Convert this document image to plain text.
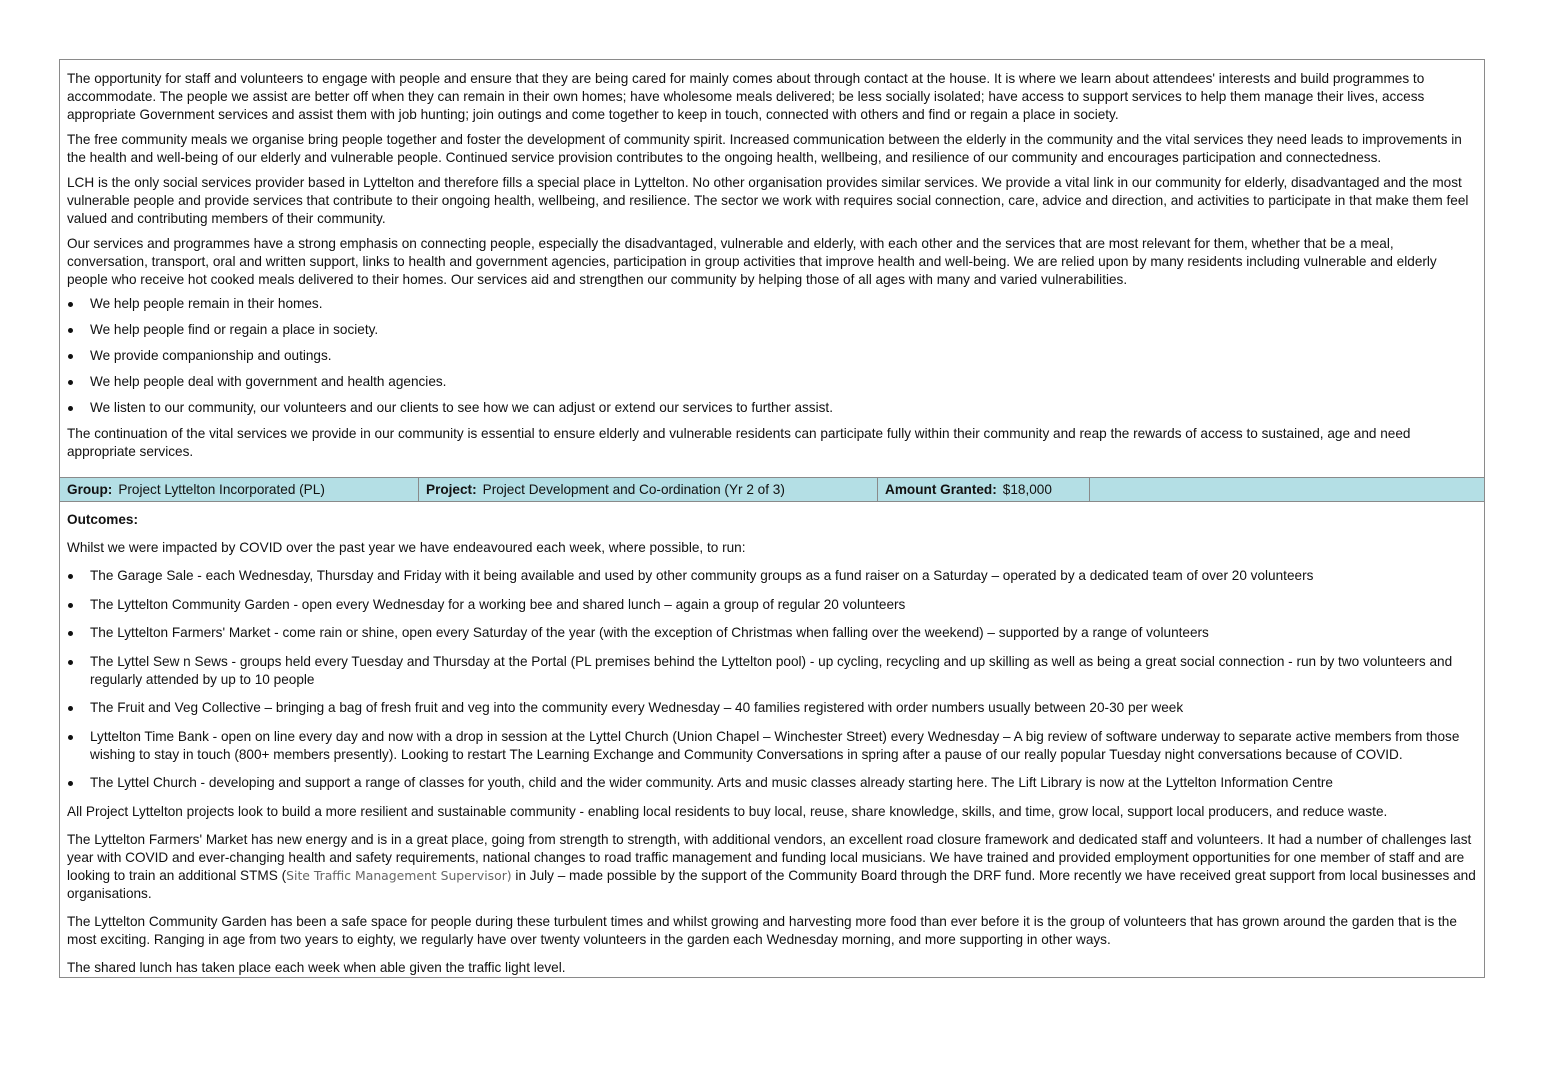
The opportunity for staff and volunteers to engage with people and ensure that they are being cared for mainly comes about through contact at the house. It is where we learn about attendees' interests and build programmes to accommodate. The people we assist are better off when they can remain in their own homes; have wholesome meals delivered; be less socially isolated; have access to support services to help them manage their lives, access appropriate Government services and assist them with job hunting; join outings and come together to keep in touch, connected with others and find or regain a place in society.

The free community meals we organise bring people together and foster the development of community spirit. Increased communication between the elderly in the community and the vital services they need leads to improvements in the health and well-being of our elderly and vulnerable people. Continued service provision contributes to the ongoing health, wellbeing, and resilience of our community and encourages participation and connectedness.

LCH is the only social services provider based in Lyttelton and therefore fills a special place in Lyttelton. No other organisation provides similar services. We provide a vital link in our community for elderly, disadvantaged and the most vulnerable people and provide services that contribute to their ongoing health, wellbeing, and resilience. The sector we work with requires social connection, care, advice and direction, and activities to participate in that make them feel valued and contributing members of their community.

Our services and programmes have a strong emphasis on connecting people, especially the disadvantaged, vulnerable and elderly, with each other and the services that are most relevant for them, whether that be a meal, conversation, transport, oral and written support, links to health and government agencies, participation in group activities that improve health and well-being. We are relied upon by many residents including vulnerable and elderly people who receive hot cooked meals delivered to their homes. Our services aid and strengthen our community by helping those of all ages with many and varied vulnerabilities.

We help people remain in their homes.
We help people find or regain a place in society.
We provide companionship and outings.
We help people deal with government and health agencies.
We listen to our community, our volunteers and our clients to see how we can adjust or extend our services to further assist.

The continuation of the vital services we provide in our community is essential to ensure elderly and vulnerable residents can participate fully within their community and reap the rewards of access to sustained, age and need appropriate services.

Group: Project Lyttelton Incorporated (PL)	Project: Project Development and Co-ordination (Yr 2 of 3)	Amount Granted: $18,000

Outcomes:

Whilst we were impacted by COVID over the past year we have endeavoured each week, where possible, to run:

The Garage Sale - each Wednesday, Thursday and Friday with it being available and used by other community groups as a fund raiser on a Saturday – operated by a dedicated team of over 20 volunteers
The Lyttelton Community Garden - open every Wednesday for a working bee and shared lunch – again a group of regular 20 volunteers
The Lyttelton Farmers' Market - come rain or shine, open every Saturday of the year (with the exception of Christmas when falling over the weekend) – supported by a range of volunteers
The Lyttel Sew n Sews - groups held every Tuesday and Thursday at the Portal (PL premises behind the Lyttelton pool) - up cycling, recycling and up skilling as well as being a great social connection - run by two volunteers and regularly attended by up to 10 people
The Fruit and Veg Collective – bringing a bag of fresh fruit and veg into the community every Wednesday – 40 families registered with order numbers usually between 20-30 per week
Lyttelton Time Bank - open on line every day and now with a drop in session at the Lyttel Church (Union Chapel – Winchester Street) every Wednesday – A big review of software underway to separate active members from those wishing to stay in touch (800+ members presently). Looking to restart The Learning Exchange and Community Conversations in spring after a pause of our really popular Tuesday night conversations because of COVID.
The Lyttel Church - developing and support a range of classes for youth, child and the wider community. Arts and music classes already starting here. The Lift Library is now at the Lyttelton Information Centre

All Project Lyttelton projects look to build a more resilient and sustainable community - enabling local residents to buy local, reuse, share knowledge, skills, and time, grow local, support local producers, and reduce waste.

The Lyttelton Farmers' Market has new energy and is in a great place, going from strength to strength, with additional vendors, an excellent road closure framework and dedicated staff and volunteers. It had a number of challenges last year with COVID and ever-changing health and safety requirements, national changes to road traffic management and funding local musicians. We have trained and provided employment opportunities for one member of staff and are looking to train an additional STMS (Site Traffic Management Supervisor) in July – made possible by the support of the Community Board through the DRF fund. More recently we have received great support from local businesses and organisations.

The Lyttelton Community Garden has been a safe space for people during these turbulent times and whilst growing and harvesting more food than ever before it is the group of volunteers that has grown around the garden that is the most exciting. Ranging in age from two years to eighty, we regularly have over twenty volunteers in the garden each Wednesday morning, and more supporting in other ways.

The shared lunch has taken place each week when able given the traffic light level.
